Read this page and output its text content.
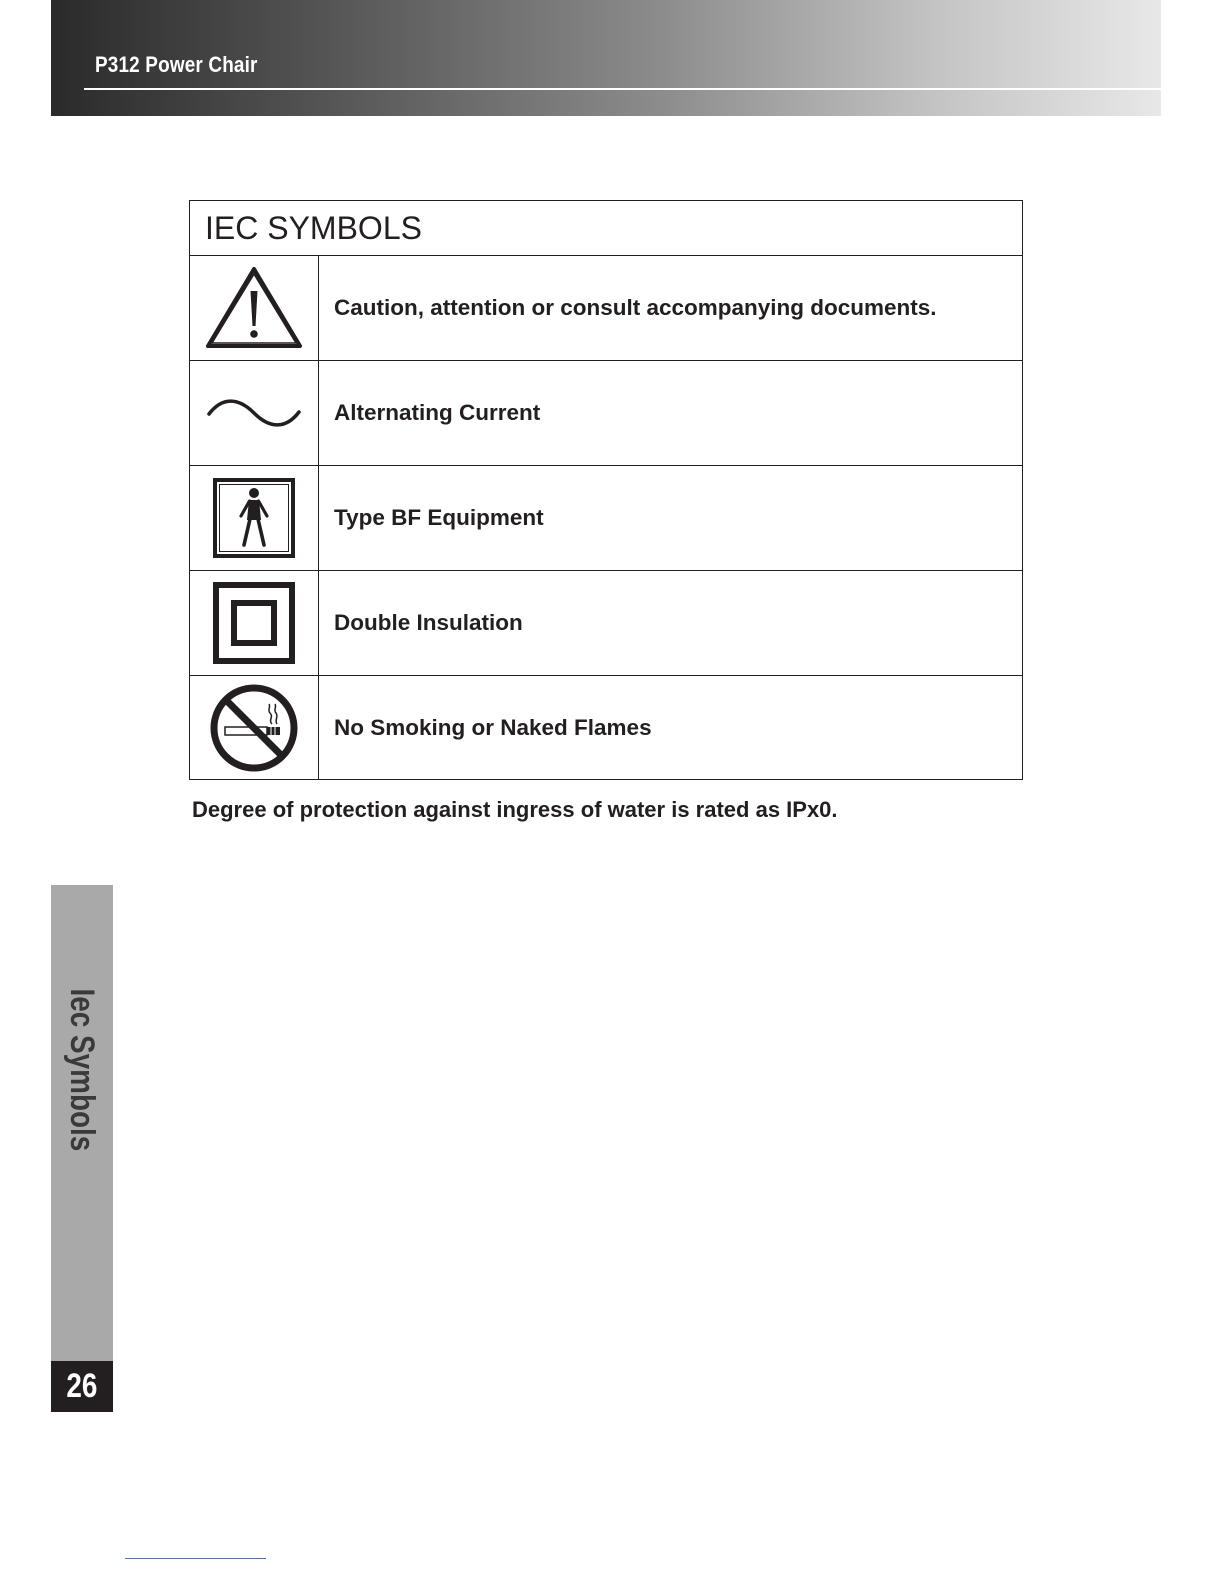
P312 Power Chair
IEC SYMBOLS
Caution, attention or consult accompanying documents.
Alternating Current
Type BF Equipment
Double Insulation
No Smoking or Naked Flames

Degree of protection against ingress of water is rated as IPx0.

Iec Symbols
26
